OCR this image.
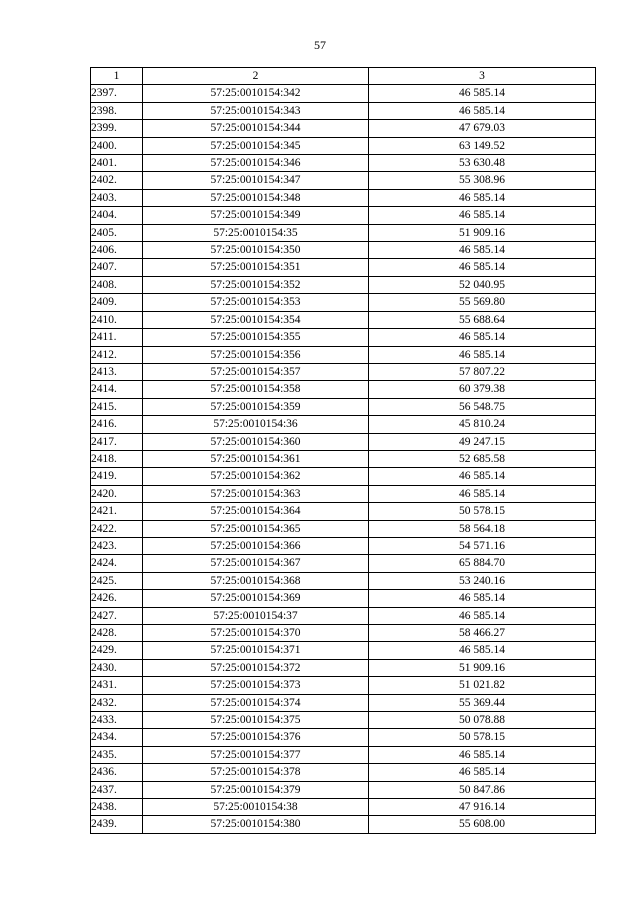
57
1	2	3
2397.	57:25:0010154:342	46 585.14
2398.	57:25:0010154:343	46 585.14
2399.	57:25:0010154:344	47 679.03
2400.	57:25:0010154:345	63 149.52
2401.	57:25:0010154:346	53 630.48
2402.	57:25:0010154:347	55 308.96
2403.	57:25:0010154:348	46 585.14
2404.	57:25:0010154:349	46 585.14
2405.	57:25:0010154:35	51 909.16
2406.	57:25:0010154:350	46 585.14
2407.	57:25:0010154:351	46 585.14
2408.	57:25:0010154:352	52 040.95
2409.	57:25:0010154:353	55 569.80
2410.	57:25:0010154:354	55 688.64
2411.	57:25:0010154:355	46 585.14
2412.	57:25:0010154:356	46 585.14
2413.	57:25:0010154:357	57 807.22
2414.	57:25:0010154:358	60 379.38
2415.	57:25:0010154:359	56 548.75
2416.	57:25:0010154:36	45 810.24
2417.	57:25:0010154:360	49 247.15
2418.	57:25:0010154:361	52 685.58
2419.	57:25:0010154:362	46 585.14
2420.	57:25:0010154:363	46 585.14
2421.	57:25:0010154:364	50 578.15
2422.	57:25:0010154:365	58 564.18
2423.	57:25:0010154:366	54 571.16
2424.	57:25:0010154:367	65 884.70
2425.	57:25:0010154:368	53 240.16
2426.	57:25:0010154:369	46 585.14
2427.	57:25:0010154:37	46 585.14
2428.	57:25:0010154:370	58 466.27
2429.	57:25:0010154:371	46 585.14
2430.	57:25:0010154:372	51 909.16
2431.	57:25:0010154:373	51 021.82
2432.	57:25:0010154:374	55 369.44
2433.	57:25:0010154:375	50 078.88
2434.	57:25:0010154:376	50 578.15
2435.	57:25:0010154:377	46 585.14
2436.	57:25:0010154:378	46 585.14
2437.	57:25:0010154:379	50 847.86
2438.	57:25:0010154:38	47 916.14
2439.	57:25:0010154:380	55 608.00
